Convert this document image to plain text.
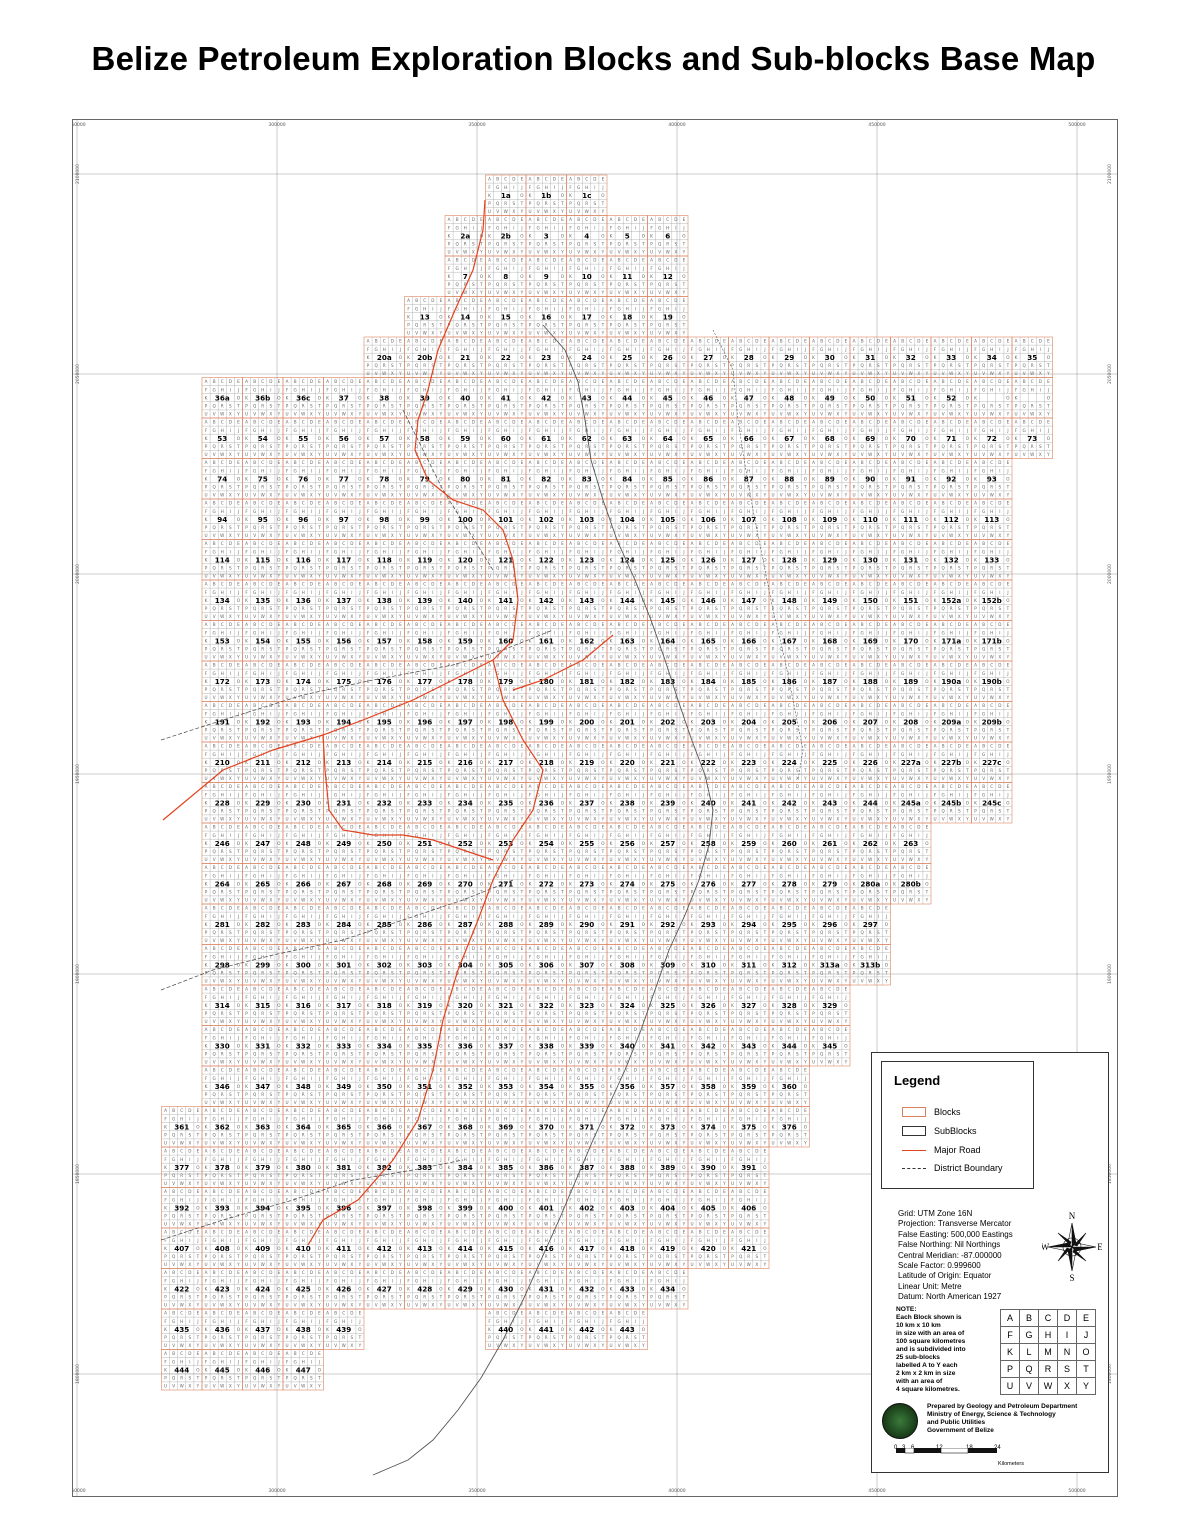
Belize Petroleum Exploration Blocks and Sub-blocks Base Map
0000
0000
300000
300000
350000
350000
400000
400000
450000
450000
500000
500000
2100000	2100000
2050000	2050000
2000000	2000000
1950000	1950000
1900000	1900000
1850000	1850000
1800000	1800000
A B C D E
F G H I J
K	O
P Q R S T
U V W X Y
1a
A B C D E
F G H I J
K	O
P Q R S T
U V W X Y
1b
A B C D E
F G H I J
K	O
P Q R S T
U V W X Y
1c
A B C D E
F G H I J
K	O
P Q R S T
U V W X Y
2a
A B C D E
F G H I J
K	O
P Q R S T
U V W X Y
2b
A B C D E
F G H I J
K	O
P Q R S T
U V W X Y
3
A B C D E
F G H I J
K	O
P Q R S T
U V W X Y
4
A B C D E
F G H I J
K	O
P Q R S T
U V W X Y
5
A B C D E
F G H I J
K	O
P Q R S T
U V W X Y
6
A B C D E
F G H I J
K	O
P Q R S T
U V W X Y
7
A B C D E
F G H I J
K	O
P Q R S T
U V W X Y
8
A B C D E
F G H I J
K	O
P Q R S T
U V W X Y
9
A B C D E
F G H I J
K	O
P Q R S T
U V W X Y
10
A B C D E
F G H I J
K	O
P Q R S T
U V W X Y
11
A B C D E
F G H I J
K	O
P Q R S T
U V W X Y
12
A B C D E
F G H I J
K	O
P Q R S T
U V W X Y
13
A B C D E
F G H I J
K	O
P Q R S T
U V W X Y
14
A B C D E
F G H I J
K	O
P Q R S T
U V W X Y
15
A B C D E
F G H I J
K	O
P Q R S T
U V W X Y
16
A B C D E
F G H I J
K	O
P Q R S T
U V W X Y
17
A B C D E
F G H I J
K	O
P Q R S T
U V W X Y
18
A B C D E
F G H I J
K	O
P Q R S T
U V W X Y
19
A B C D E
F G H I J
K	O
P Q R S T
U V W X Y
20a
A B C D E
F G H I J
K	O
P Q R S T
U V W X Y
20b
A B C D E
F G H I J
K	O
P Q R S T
U V W X Y
21
A B C D E
F G H I J
K	O
P Q R S T
U V W X Y
22
A B C D E
F G H I J
K	O
P Q R S T
U V W X Y
23
A B C D E
F G H I J
K	O
P Q R S T
U V W X Y
24
A B C D E
F G H I J
K	O
P Q R S T
U V W X Y
25
A B C D E
F G H I J
K	O
P Q R S T
U V W X Y
26
A B C D E
F G H I J
K	O
P Q R S T
U V W X Y
27
A B C D E
F G H I J
K	O
P Q R S T
U V W X Y
28
A B C D E
F G H I J
K	O
P Q R S T
U V W X Y
29
A B C D E
F G H I J
K	O
P Q R S T
U V W X Y
30
A B C D E
F G H I J
K	O
P Q R S T
U V W X Y
31
A B C D E
F G H I J
K	O
P Q R S T
U V W X Y
32
A B C D E
F G H I J
K	O
P Q R S T
U V W X Y
33
A B C D E
F G H I J
K	O
P Q R S T
U V W X Y
34
A B C D E
F G H I J
K	O
P Q R S T
U V W X Y
35
A B C D E
F G H I J
K	O
P Q R S T
U V W X Y
36a
A B C D E
F G H I J
K	O
P Q R S T
U V W X Y
36b
A B C D E
F G H I J
K	O
P Q R S T
U V W X Y
36c
A B C D E
F G H I J
K	O
P Q R S T
U V W X Y
37
A B C D E
F G H I J
K	O
P Q R S T
U V W X Y
38
A B C D E
F G H I J
K	O
P Q R S T
U V W X Y
39
A B C D E
F G H I J
K	O
P Q R S T
U V W X Y
40
A B C D E
F G H I J
K	O
P Q R S T
U V W X Y
41
A B C D E
F G H I J
K	O
P Q R S T
U V W X Y
42
A B C D E
F G H I J
K	O
P Q R S T
U V W X Y
43
A B C D E
F G H I J
K	O
P Q R S T
U V W X Y
44
A B C D E
F G H I J
K	O
P Q R S T
U V W X Y
45
A B C D E
F G H I J
K	O
P Q R S T
U V W X Y
46
A B C D E
F G H I J
K	O
P Q R S T
U V W X Y
47
A B C D E
F G H I J
K	O
P Q R S T
U V W X Y
48
A B C D E
F G H I J
K	O
P Q R S T
U V W X Y
49
A B C D E
F G H I J
K	O
P Q R S T
U V W X Y
50
A B C D E
F G H I J
K	O
P Q R S T
U V W X Y
51
A B C D E
F G H I J
K	O
P Q R S T
U V W X Y
52
A B C D E
F G H I J
K	O
P Q R S T
U V W X Y
A B C D E
F G H I J
K	O
P Q R S T
U V W X Y
A B C D E
F G H I J
K	O
P Q R S T
U V W X Y
53
A B C D E
F G H I J
K	O
P Q R S T
U V W X Y
54
A B C D E
F G H I J
K	O
P Q R S T
U V W X Y
55
A B C D E
F G H I J
K	O
P Q R S T
U V W X Y
56
A B C D E
F G H I J
K	O
P Q R S T
U V W X Y
57
A B C D E
F G H I J
K	O
P Q R S T
U V W X Y
58
A B C D E
F G H I J
K	O
P Q R S T
U V W X Y
59
A B C D E
F G H I J
K	O
P Q R S T
U V W X Y
60
A B C D E
F G H I J
K	O
P Q R S T
U V W X Y
61
A B C D E
F G H I J
K	O
P Q R S T
U V W X Y
62
A B C D E
F G H I J
K	O
P Q R S T
U V W X Y
63
A B C D E
F G H I J
K	O
P Q R S T
U V W X Y
64
A B C D E
F G H I J
K	O
P Q R S T
U V W X Y
65
A B C D E
F G H I J
K	O
P Q R S T
U V W X Y
66
A B C D E
F G H I J
K	O
P Q R S T
U V W X Y
67
A B C D E
F G H I J
K	O
P Q R S T
U V W X Y
68
A B C D E
F G H I J
K	O
P Q R S T
U V W X Y
69
A B C D E
F G H I J
K	O
P Q R S T
U V W X Y
70
A B C D E
F G H I J
K	O
P Q R S T
U V W X Y
71
A B C D E
F G H I J
K	O
P Q R S T
U V W X Y
72
A B C D E
F G H I J
K	O
P Q R S T
U V W X Y
73
A B C D E
F G H I J
K	O
P Q R S T
U V W X Y
74
A B C D E
F G H I J
K	O
P Q R S T
U V W X Y
75
A B C D E
F G H I J
K	O
P Q R S T
U V W X Y
76
A B C D E
F G H I J
K	O
P Q R S T
U V W X Y
77
A B C D E
F G H I J
K	O
P Q R S T
U V W X Y
78
A B C D E
F G H I J
K	O
P Q R S T
U V W X Y
79
A B C D E
F G H I J
K	O
P Q R S T
U V W X Y
80
A B C D E
F G H I J
K	O
P Q R S T
U V W X Y
81
A B C D E
F G H I J
K	O
P Q R S T
U V W X Y
82
A B C D E
F G H I J
K	O
P Q R S T
U V W X Y
83
A B C D E
F G H I J
K	O
P Q R S T
U V W X Y
84
A B C D E
F G H I J
K	O
P Q R S T
U V W X Y
85
A B C D E
F G H I J
K	O
P Q R S T
U V W X Y
86
A B C D E
F G H I J
K	O
P Q R S T
U V W X Y
87
A B C D E
F G H I J
K	O
P Q R S T
U V W X Y
88
A B C D E
F G H I J
K	O
P Q R S T
U V W X Y
89
A B C D E
F G H I J
K	O
P Q R S T
U V W X Y
90
A B C D E
F G H I J
K	O
P Q R S T
U V W X Y
91
A B C D E
F G H I J
K	O
P Q R S T
U V W X Y
92
A B C D E
F G H I J
K	O
P Q R S T
U V W X Y
93
A B C D E
F G H I J
K	O
P Q R S T
U V W X Y
94
A B C D E
F G H I J
K	O
P Q R S T
U V W X Y
95
A B C D E
F G H I J
K	O
P Q R S T
U V W X Y
96
A B C D E
F G H I J
K	O
P Q R S T
U V W X Y
97
A B C D E
F G H I J
K	O
P Q R S T
U V W X Y
98
A B C D E
F G H I J
K	O
P Q R S T
U V W X Y
99
A B C D E
F G H I J
K	O
P Q R S T
U V W X Y
100
A B C D E
F G H I J
K	O
P Q R S T
U V W X Y
101
A B C D E
F G H I J
K	O
P Q R S T
U V W X Y
102
A B C D E
F G H I J
K	O
P Q R S T
U V W X Y
103
A B C D E
F G H I J
K	O
P Q R S T
U V W X Y
104
A B C D E
F G H I J
K	O
P Q R S T
U V W X Y
105
A B C D E
F G H I J
K	O
P Q R S T
U V W X Y
106
A B C D E
F G H I J
K	O
P Q R S T
U V W X Y
107
A B C D E
F G H I J
K	O
P Q R S T
U V W X Y
108
A B C D E
F G H I J
K	O
P Q R S T
U V W X Y
109
A B C D E
F G H I J
K	O
P Q R S T
U V W X Y
110
A B C D E
F G H I J
K	O
P Q R S T
U V W X Y
111
A B C D E
F G H I J
K	O
P Q R S T
U V W X Y
112
A B C D E
F G H I J
K	O
P Q R S T
U V W X Y
113
A B C D E
F G H I J
K	O
P Q R S T
U V W X Y
114
A B C D E
F G H I J
K	O
P Q R S T
U V W X Y
115
A B C D E
F G H I J
K	O
P Q R S T
U V W X Y
116
A B C D E
F G H I J
K	O
P Q R S T
U V W X Y
117
A B C D E
F G H I J
K	O
P Q R S T
U V W X Y
118
A B C D E
F G H I J
K	O
P Q R S T
U V W X Y
119
A B C D E
F G H I J
K	O
P Q R S T
U V W X Y
120
A B C D E
F G H I J
K	O
P Q R S T
U V W X Y
121
A B C D E
F G H I J
K	O
P Q R S T
U V W X Y
122
A B C D E
F G H I J
K	O
P Q R S T
U V W X Y
123
A B C D E
F G H I J
K	O
P Q R S T
U V W X Y
124
A B C D E
F G H I J
K	O
P Q R S T
U V W X Y
125
A B C D E
F G H I J
K	O
P Q R S T
U V W X Y
126
A B C D E
F G H I J
K	O
P Q R S T
U V W X Y
127
A B C D E
F G H I J
K	O
P Q R S T
U V W X Y
128
A B C D E
F G H I J
K	O
P Q R S T
U V W X Y
129
A B C D E
F G H I J
K	O
P Q R S T
U V W X Y
130
A B C D E
F G H I J
K	O
P Q R S T
U V W X Y
131
A B C D E
F G H I J
K	O
P Q R S T
U V W X Y
132
A B C D E
F G H I J
K	O
P Q R S T
U V W X Y
133
A B C D E
F G H I J
K	O
P Q R S T
U V W X Y
134
A B C D E
F G H I J
K	O
P Q R S T
U V W X Y
135
A B C D E
F G H I J
K	O
P Q R S T
U V W X Y
136
A B C D E
F G H I J
K	O
P Q R S T
U V W X Y
137
A B C D E
F G H I J
K	O
P Q R S T
U V W X Y
138
A B C D E
F G H I J
K	O
P Q R S T
U V W X Y
139
A B C D E
F G H I J
K	O
P Q R S T
U V W X Y
140
A B C D E
F G H I J
K	O
P Q R S T
U V W X Y
141
A B C D E
F G H I J
K	O
P Q R S T
U V W X Y
142
A B C D E
F G H I J
K	O
P Q R S T
U V W X Y
143
A B C D E
F G H I J
K	O
P Q R S T
U V W X Y
144
A B C D E
F G H I J
K	O
P Q R S T
U V W X Y
145
A B C D E
F G H I J
K	O
P Q R S T
U V W X Y
146
A B C D E
F G H I J
K	O
P Q R S T
U V W X Y
147
A B C D E
F G H I J
K	O
P Q R S T
U V W X Y
148
A B C D E
F G H I J
K	O
P Q R S T
U V W X Y
149
A B C D E
F G H I J
K	O
P Q R S T
U V W X Y
150
A B C D E
F G H I J
K	O
P Q R S T
U V W X Y
151
A B C D E
F G H I J
K	O
P Q R S T
U V W X Y
152a
A B C D E
F G H I J
K	O
P Q R S T
U V W X Y
152b
A B C D E
F G H I J
K	O
P Q R S T
U V W X Y
153
A B C D E
F G H I J
K	O
P Q R S T
U V W X Y
154
A B C D E
F G H I J
K	O
P Q R S T
U V W X Y
155
A B C D E
F G H I J
K	O
P Q R S T
U V W X Y
156
A B C D E
F G H I J
K	O
P Q R S T
U V W X Y
157
A B C D E
F G H I J
K	O
P Q R S T
U V W X Y
158
A B C D E
F G H I J
K	O
P Q R S T
U V W X Y
159
A B C D E
F G H I J
K	O
P Q R S T
U V W X Y
160
A B C D E
F G H I J
K	O
P Q R S T
U V W X Y
161
A B C D E
F G H I J
K	O
P Q R S T
U V W X Y
162
A B C D E
F G H I J
K	O
P Q R S T
U V W X Y
163
A B C D E
F G H I J
K	O
P Q R S T
U V W X Y
164
A B C D E
F G H I J
K	O
P Q R S T
U V W X Y
165
A B C D E
F G H I J
K	O
P Q R S T
U V W X Y
166
A B C D E
F G H I J
K	O
P Q R S T
U V W X Y
167
A B C D E
F G H I J
K	O
P Q R S T
U V W X Y
168
A B C D E
F G H I J
K	O
P Q R S T
U V W X Y
169
A B C D E
F G H I J
K	O
P Q R S T
U V W X Y
170
A B C D E
F G H I J
K	O
P Q R S T
U V W X Y
171a
A B C D E
F G H I J
K	O
P Q R S T
U V W X Y
171b
A B C D E
F G H I J
K	O
P Q R S T
U V W X Y
172
A B C D E
F G H I J
K	O
P Q R S T
U V W X Y
173
A B C D E
F G H I J
K	O
P Q R S T
U V W X Y
174
A B C D E
F G H I J
K	O
P Q R S T
U V W X Y
175
A B C D E
F G H I J
K	O
P Q R S T
U V W X Y
176
A B C D E
F G H I J
K	O
P Q R S T
U V W X Y
177
A B C D E
F G H I J
K	O
P Q R S T
U V W X Y
178
A B C D E
F G H I J
K	O
P Q R S T
U V W X Y
179
A B C D E
F G H I J
K	O
P Q R S T
U V W X Y
180
A B C D E
F G H I J
K	O
P Q R S T
U V W X Y
181
A B C D E
F G H I J
K	O
P Q R S T
U V W X Y
182
A B C D E
F G H I J
K	O
P Q R S T
U V W X Y
183
A B C D E
F G H I J
K	O
P Q R S T
U V W X Y
184
A B C D E
F G H I J
K	O
P Q R S T
U V W X Y
185
A B C D E
F G H I J
K	O
P Q R S T
U V W X Y
186
A B C D E
F G H I J
K	O
P Q R S T
U V W X Y
187
A B C D E
F G H I J
K	O
P Q R S T
U V W X Y
188
A B C D E
F G H I J
K	O
P Q R S T
U V W X Y
189
A B C D E
F G H I J
K	O
P Q R S T
U V W X Y
190a
A B C D E
F G H I J
K	O
P Q R S T
U V W X Y
190b
A B C D E
F G H I J
K	O
P Q R S T
U V W X Y
191
A B C D E
F G H I J
K	O
P Q R S T
U V W X Y
192
A B C D E
F G H I J
K	O
P Q R S T
U V W X Y
193
A B C D E
F G H I J
K	O
P Q R S T
U V W X Y
194
A B C D E
F G H I J
K	O
P Q R S T
U V W X Y
195
A B C D E
F G H I J
K	O
P Q R S T
U V W X Y
196
A B C D E
F G H I J
K	O
P Q R S T
U V W X Y
197
A B C D E
F G H I J
K	O
P Q R S T
U V W X Y
198
A B C D E
F G H I J
K	O
P Q R S T
U V W X Y
199
A B C D E
F G H I J
K	O
P Q R S T
U V W X Y
200
A B C D E
F G H I J
K	O
P Q R S T
U V W X Y
201
A B C D E
F G H I J
K	O
P Q R S T
U V W X Y
202
A B C D E
F G H I J
K	O
P Q R S T
U V W X Y
203
A B C D E
F G H I J
K	O
P Q R S T
U V W X Y
204
A B C D E
F G H I J
K	O
P Q R S T
U V W X Y
205
A B C D E
F G H I J
K	O
P Q R S T
U V W X Y
206
A B C D E
F G H I J
K	O
P Q R S T
U V W X Y
207
A B C D E
F G H I J
K	O
P Q R S T
U V W X Y
208
A B C D E
F G H I J
K	O
P Q R S T
U V W X Y
209a
A B C D E
F G H I J
K	O
P Q R S T
U V W X Y
209b
A B C D E
F G H I J
K	O
P Q R S T
U V W X Y
210
A B C D E
F G H I J
K	O
P Q R S T
U V W X Y
211
A B C D E
F G H I J
K	O
P Q R S T
U V W X Y
212
A B C D E
F G H I J
K	O
P Q R S T
U V W X Y
213
A B C D E
F G H I J
K	O
P Q R S T
U V W X Y
214
A B C D E
F G H I J
K	O
P Q R S T
U V W X Y
215
A B C D E
F G H I J
K	O
P Q R S T
U V W X Y
216
A B C D E
F G H I J
K	O
P Q R S T
U V W X Y
217
A B C D E
F G H I J
K	O
P Q R S T
U V W X Y
218
A B C D E
F G H I J
K	O
P Q R S T
U V W X Y
219
A B C D E
F G H I J
K	O
P Q R S T
U V W X Y
220
A B C D E
F G H I J
K	O
P Q R S T
U V W X Y
221
A B C D E
F G H I J
K	O
P Q R S T
U V W X Y
222
A B C D E
F G H I J
K	O
P Q R S T
U V W X Y
223
A B C D E
F G H I J
K	O
P Q R S T
U V W X Y
224
A B C D E
F G H I J
K	O
P Q R S T
U V W X Y
225
A B C D E
F G H I J
K	O
P Q R S T
U V W X Y
226
A B C D E
F G H I J
K	O
P Q R S T
U V W X Y
227a
A B C D E
F G H I J
K	O
P Q R S T
U V W X Y
227b
A B C D E
F G H I J
K	O
P Q R S T
U V W X Y
227c
A B C D E
F G H I J
K	O
P Q R S T
U V W X Y
228
A B C D E
F G H I J
K	O
P Q R S T
U V W X Y
229
A B C D E
F G H I J
K	O
P Q R S T
U V W X Y
230
A B C D E
F G H I J
K	O
P Q R S T
U V W X Y
231
A B C D E
F G H I J
K	O
P Q R S T
U V W X Y
232
A B C D E
F G H I J
K	O
P Q R S T
U V W X Y
233
A B C D E
F G H I J
K	O
P Q R S T
U V W X Y
234
A B C D E
F G H I J
K	O
P Q R S T
U V W X Y
235
A B C D E
F G H I J
K	O
P Q R S T
U V W X Y
236
A B C D E
F G H I J
K	O
P Q R S T
U V W X Y
237
A B C D E
F G H I J
K	O
P Q R S T
U V W X Y
238
A B C D E
F G H I J
K	O
P Q R S T
U V W X Y
239
A B C D E
F G H I J
K	O
P Q R S T
U V W X Y
240
A B C D E
F G H I J
K	O
P Q R S T
U V W X Y
241
A B C D E
F G H I J
K	O
P Q R S T
U V W X Y
242
A B C D E
F G H I J
K	O
P Q R S T
U V W X Y
243
A B C D E
F G H I J
K	O
P Q R S T
U V W X Y
244
A B C D E
F G H I J
K	O
P Q R S T
U V W X Y
245a
A B C D E
F G H I J
K	O
P Q R S T
U V W X Y
245b
A B C D E
F G H I J
K	O
P Q R S T
U V W X Y
245c
A B C D E
F G H I J
K	O
P Q R S T
U V W X Y
246
A B C D E
F G H I J
K	O
P Q R S T
U V W X Y
247
A B C D E
F G H I J
K	O
P Q R S T
U V W X Y
248
A B C D E
F G H I J
K	O
P Q R S T
U V W X Y
249
A B C D E
F G H I J
K	O
P Q R S T
U V W X Y
250
A B C D E
F G H I J
K	O
P Q R S T
U V W X Y
251
A B C D E
F G H I J
K	O
P Q R S T
U V W X Y
252
A B C D E
F G H I J
K	O
P Q R S T
U V W X Y
253
A B C D E
F G H I J
K	O
P Q R S T
U V W X Y
254
A B C D E
F G H I J
K	O
P Q R S T
U V W X Y
255
A B C D E
F G H I J
K	O
P Q R S T
U V W X Y
256
A B C D E
F G H I J
K	O
P Q R S T
U V W X Y
257
A B C D E
F G H I J
K	O
P Q R S T
U V W X Y
258
A B C D E
F G H I J
K	O
P Q R S T
U V W X Y
259
A B C D E
F G H I J
K	O
P Q R S T
U V W X Y
260
A B C D E
F G H I J
K	O
P Q R S T
U V W X Y
261
A B C D E
F G H I J
K	O
P Q R S T
U V W X Y
262
A B C D E
F G H I J
K	O
P Q R S T
U V W X Y
263
A B C D E
F G H I J
K	O
P Q R S T
U V W X Y
264
A B C D E
F G H I J
K	O
P Q R S T
U V W X Y
265
A B C D E
F G H I J
K	O
P Q R S T
U V W X Y
266
A B C D E
F G H I J
K	O
P Q R S T
U V W X Y
267
A B C D E
F G H I J
K	O
P Q R S T
U V W X Y
268
A B C D E
F G H I J
K	O
P Q R S T
U V W X Y
269
A B C D E
F G H I J
K	O
P Q R S T
U V W X Y
270
A B C D E
F G H I J
K	O
P Q R S T
U V W X Y
271
A B C D E
F G H I J
K	O
P Q R S T
U V W X Y
272
A B C D E
F G H I J
K	O
P Q R S T
U V W X Y
273
A B C D E
F G H I J
K	O
P Q R S T
U V W X Y
274
A B C D E
F G H I J
K	O
P Q R S T
U V W X Y
275
A B C D E
F G H I J
K	O
P Q R S T
U V W X Y
276
A B C D E
F G H I J
K	O
P Q R S T
U V W X Y
277
A B C D E
F G H I J
K	O
P Q R S T
U V W X Y
278
A B C D E
F G H I J
K	O
P Q R S T
U V W X Y
279
A B C D E
F G H I J
K	O
P Q R S T
U V W X Y
280a
A B C D E
F G H I J
K	O
P Q R S T
U V W X Y
280b
A B C D E
F G H I J
K	O
P Q R S T
U V W X Y
281
A B C D E
F G H I J
K	O
P Q R S T
U V W X Y
282
A B C D E
F G H I J
K	O
P Q R S T
U V W X Y
283
A B C D E
F G H I J
K	O
P Q R S T
U V W X Y
284
A B C D E
F G H I J
K	O
P Q R S T
U V W X Y
285
A B C D E
F G H I J
K	O
P Q R S T
U V W X Y
286
A B C D E
F G H I J
K	O
P Q R S T
U V W X Y
287
A B C D E
F G H I J
K	O
P Q R S T
U V W X Y
288
A B C D E
F G H I J
K	O
P Q R S T
U V W X Y
289
A B C D E
F G H I J
K	O
P Q R S T
U V W X Y
290
A B C D E
F G H I J
K	O
P Q R S T
U V W X Y
291
A B C D E
F G H I J
K	O
P Q R S T
U V W X Y
292
A B C D E
F G H I J
K	O
P Q R S T
U V W X Y
293
A B C D E
F G H I J
K	O
P Q R S T
U V W X Y
294
A B C D E
F G H I J
K	O
P Q R S T
U V W X Y
295
A B C D E
F G H I J
K	O
P Q R S T
U V W X Y
296
A B C D E
F G H I J
K	O
P Q R S T
U V W X Y
297
A B C D E
F G H I J
K	O
P Q R S T
U V W X Y
298
A B C D E
F G H I J
K	O
P Q R S T
U V W X Y
299
A B C D E
F G H I J
K	O
P Q R S T
U V W X Y
300
A B C D E
F G H I J
K	O
P Q R S T
U V W X Y
301
A B C D E
F G H I J
K	O
P Q R S T
U V W X Y
302
A B C D E
F G H I J
K	O
P Q R S T
U V W X Y
303
A B C D E
F G H I J
K	O
P Q R S T
U V W X Y
304
A B C D E
F G H I J
K	O
P Q R S T
U V W X Y
305
A B C D E
F G H I J
K	O
P Q R S T
U V W X Y
306
A B C D E
F G H I J
K	O
P Q R S T
U V W X Y
307
A B C D E
F G H I J
K	O
P Q R S T
U V W X Y
308
A B C D E
F G H I J
K	O
P Q R S T
U V W X Y
309
A B C D E
F G H I J
K	O
P Q R S T
U V W X Y
310
A B C D E
F G H I J
K	O
P Q R S T
U V W X Y
311
A B C D E
F G H I J
K	O
P Q R S T
U V W X Y
312
A B C D E
F G H I J
K	O
P Q R S T
U V W X Y
313a
A B C D E
F G H I J
K	O
P Q R S T
U V W X Y
313b
A B C D E
F G H I J
K	O
P Q R S T
U V W X Y
314
A B C D E
F G H I J
K	O
P Q R S T
U V W X Y
315
A B C D E
F G H I J
K	O
P Q R S T
U V W X Y
316
A B C D E
F G H I J
K	O
P Q R S T
U V W X Y
317
A B C D E
F G H I J
K	O
P Q R S T
U V W X Y
318
A B C D E
F G H I J
K	O
P Q R S T
U V W X Y
319
A B C D E
F G H I J
K	O
P Q R S T
U V W X Y
320
A B C D E
F G H I J
K	O
P Q R S T
U V W X Y
321
A B C D E
F G H I J
K	O
P Q R S T
U V W X Y
322
A B C D E
F G H I J
K	O
P Q R S T
U V W X Y
323
A B C D E
F G H I J
K	O
P Q R S T
U V W X Y
324
A B C D E
F G H I J
K	O
P Q R S T
U V W X Y
325
A B C D E
F G H I J
K	O
P Q R S T
U V W X Y
326
A B C D E
F G H I J
K	O
P Q R S T
U V W X Y
327
A B C D E
F G H I J
K	O
P Q R S T
U V W X Y
328
A B C D E
F G H I J
K	O
P Q R S T
U V W X Y
329
A B C D E
F G H I J
K	O
P Q R S T
U V W X Y
330
A B C D E
F G H I J
K	O
P Q R S T
U V W X Y
331
A B C D E
F G H I J
K	O
P Q R S T
U V W X Y
332
A B C D E
F G H I J
K	O
P Q R S T
U V W X Y
333
A B C D E
F G H I J
K	O
P Q R S T
U V W X Y
334
A B C D E
F G H I J
K	O
P Q R S T
U V W X Y
335
A B C D E
F G H I J
K	O
P Q R S T
U V W X Y
336
A B C D E
F G H I J
K	O
P Q R S T
U V W X Y
337
A B C D E
F G H I J
K	O
P Q R S T
U V W X Y
338
A B C D E
F G H I J
K	O
P Q R S T
U V W X Y
339
A B C D E
F G H I J
K	O
P Q R S T
U V W X Y
340
A B C D E
F G H I J
K	O
P Q R S T
U V W X Y
341
A B C D E
F G H I J
K	O
P Q R S T
U V W X Y
342
A B C D E
F G H I J
K	O
P Q R S T
U V W X Y
343
A B C D E
F G H I J
K	O
P Q R S T
U V W X Y
344
A B C D E
F G H I J
K	O
P Q R S T
U V W X Y
345
A B C D E
F G H I J
K	O
P Q R S T
U V W X Y
346
A B C D E
F G H I J
K	O
P Q R S T
U V W X Y
347
A B C D E
F G H I J
K	O
P Q R S T
U V W X Y
348
A B C D E
F G H I J
K	O
P Q R S T
U V W X Y
349
A B C D E
F G H I J
K	O
P Q R S T
U V W X Y
350
A B C D E
F G H I J
K	O
P Q R S T
U V W X Y
351
A B C D E
F G H I J
K	O
P Q R S T
U V W X Y
352
A B C D E
F G H I J
K	O
P Q R S T
U V W X Y
353
A B C D E
F G H I J
K	O
P Q R S T
U V W X Y
354
A B C D E
F G H I J
K	O
P Q R S T
U V W X Y
355
A B C D E
F G H I J
K	O
P Q R S T
U V W X Y
356
A B C D E
F G H I J
K	O
P Q R S T
U V W X Y
357
A B C D E
F G H I J
K	O
P Q R S T
U V W X Y
358
A B C D E
F G H I J
K	O
P Q R S T
U V W X Y
359
A B C D E
F G H I J
K	O
P Q R S T
U V W X Y
360
A B C D E
F G H I J
K	O
P Q R S T
U V W X Y
361
A B C D E
F G H I J
K	O
P Q R S T
U V W X Y
362
A B C D E
F G H I J
K	O
P Q R S T
U V W X Y
363
A B C D E
F G H I J
K	O
P Q R S T
U V W X Y
364
A B C D E
F G H I J
K	O
P Q R S T
U V W X Y
365
A B C D E
F G H I J
K	O
P Q R S T
U V W X Y
366
A B C D E
F G H I J
K	O
P Q R S T
U V W X Y
367
A B C D E
F G H I J
K	O
P Q R S T
U V W X Y
368
A B C D E
F G H I J
K	O
P Q R S T
U V W X Y
369
A B C D E
F G H I J
K	O
P Q R S T
U V W X Y
370
A B C D E
F G H I J
K	O
P Q R S T
U V W X Y
371
A B C D E
F G H I J
K	O
P Q R S T
U V W X Y
372
A B C D E
F G H I J
K	O
P Q R S T
U V W X Y
373
A B C D E
F G H I J
K	O
P Q R S T
U V W X Y
374
A B C D E
F G H I J
K	O
P Q R S T
U V W X Y
375
A B C D E
F G H I J
K	O
P Q R S T
U V W X Y
376
A B C D E
F G H I J
K	O
P Q R S T
U V W X Y
377
A B C D E
F G H I J
K	O
P Q R S T
U V W X Y
378
A B C D E
F G H I J
K	O
P Q R S T
U V W X Y
379
A B C D E
F G H I J
K	O
P Q R S T
U V W X Y
380
A B C D E
F G H I J
K	O
P Q R S T
U V W X Y
381
A B C D E
F G H I J
K	O
P Q R S T
U V W X Y
382
A B C D E
F G H I J
K	O
P Q R S T
U V W X Y
383
A B C D E
F G H I J
K	O
P Q R S T
U V W X Y
384
A B C D E
F G H I J
K	O
P Q R S T
U V W X Y
385
A B C D E
F G H I J
K	O
P Q R S T
U V W X Y
386
A B C D E
F G H I J
K	O
P Q R S T
U V W X Y
387
A B C D E
F G H I J
K	O
P Q R S T
U V W X Y
388
A B C D E
F G H I J
K	O
P Q R S T
U V W X Y
389
A B C D E
F G H I J
K	O
P Q R S T
U V W X Y
390
A B C D E
F G H I J
K	O
P Q R S T
U V W X Y
391
A B C D E
F G H I J
K	O
P Q R S T
U V W X Y
392
A B C D E
F G H I J
K	O
P Q R S T
U V W X Y
393
A B C D E
F G H I J
K	O
P Q R S T
U V W X Y
394
A B C D E
F G H I J
K	O
P Q R S T
U V W X Y
395
A B C D E
F G H I J
K	O
P Q R S T
U V W X Y
396
A B C D E
F G H I J
K	O
P Q R S T
U V W X Y
397
A B C D E
F G H I J
K	O
P Q R S T
U V W X Y
398
A B C D E
F G H I J
K	O
P Q R S T
U V W X Y
399
A B C D E
F G H I J
K	O
P Q R S T
U V W X Y
400
A B C D E
F G H I J
K	O
P Q R S T
U V W X Y
401
A B C D E
F G H I J
K	O
P Q R S T
U V W X Y
402
A B C D E
F G H I J
K	O
P Q R S T
U V W X Y
403
A B C D E
F G H I J
K	O
P Q R S T
U V W X Y
404
A B C D E
F G H I J
K	O
P Q R S T
U V W X Y
405
A B C D E
F G H I J
K	O
P Q R S T
U V W X Y
406
A B C D E
F G H I J
K	O
P Q R S T
U V W X Y
407
A B C D E
F G H I J
K	O
P Q R S T
U V W X Y
408
A B C D E
F G H I J
K	O
P Q R S T
U V W X Y
409
A B C D E
F G H I J
K	O
P Q R S T
U V W X Y
410
A B C D E
F G H I J
K	O
P Q R S T
U V W X Y
411
A B C D E
F G H I J
K	O
P Q R S T
U V W X Y
412
A B C D E
F G H I J
K	O
P Q R S T
U V W X Y
413
A B C D E
F G H I J
K	O
P Q R S T
U V W X Y
414
A B C D E
F G H I J
K	O
P Q R S T
U V W X Y
415
A B C D E
F G H I J
K	O
P Q R S T
U V W X Y
416
A B C D E
F G H I J
K	O
P Q R S T
U V W X Y
417
A B C D E
F G H I J
K	O
P Q R S T
U V W X Y
418
A B C D E
F G H I J
K	O
P Q R S T
U V W X Y
419
A B C D E
F G H I J
K	O
P Q R S T
U V W X Y
420
A B C D E
F G H I J
K	O
P Q R S T
U V W X Y
421
A B C D E
F G H I J
K	O
P Q R S T
U V W X Y
422
A B C D E
F G H I J
K	O
P Q R S T
U V W X Y
423
A B C D E
F G H I J
K	O
P Q R S T
U V W X Y
424
A B C D E
F G H I J
K	O
P Q R S T
U V W X Y
425
A B C D E
F G H I J
K	O
P Q R S T
U V W X Y
426
A B C D E
F G H I J
K	O
P Q R S T
U V W X Y
427
A B C D E
F G H I J
K	O
P Q R S T
U V W X Y
428
A B C D E
F G H I J
K	O
P Q R S T
U V W X Y
429
A B C D E
F G H I J
K	O
P Q R S T
U V W X Y
430
A B C D E
F G H I J
K	O
P Q R S T
U V W X Y
431
A B C D E
F G H I J
K	O
P Q R S T
U V W X Y
432
A B C D E
F G H I J
K	O
P Q R S T
U V W X Y
433
A B C D E
F G H I J
K	O
P Q R S T
U V W X Y
434
A B C D E
F G H I J
K	O
P Q R S T
U V W X Y
435
A B C D E
F G H I J
K	O
P Q R S T
U V W X Y
436
A B C D E
F G H I J
K	O
P Q R S T
U V W X Y
437
A B C D E
F G H I J
K	O
P Q R S T
U V W X Y
438
A B C D E
F G H I J
K	O
P Q R S T
U V W X Y
439
A B C D E
F G H I J
K	O
P Q R S T
U V W X Y
440
A B C D E
F G H I J
K	O
P Q R S T
U V W X Y
441
A B C D E
F G H I J
K	O
P Q R S T
U V W X Y
442
A B C D E
F G H I J
K	O
P Q R S T
U V W X Y
443
A B C D E
F G H I J
K	O
P Q R S T
U V W X Y
444
A B C D E
F G H I J
K	O
P Q R S T
U V W X Y
445
A B C D E
F G H I J
K	O
P Q R S T
U V W X Y
446
A B C D E
F G H I J
K	O
P Q R S T
U V W X Y
447
Legend
Blocks
SubBlocks
Major Road
District Boundary
Grid: UTM Zone 16N
Projection: Transverse Mercator
False Easting: 500,000 Eastings
False Northing: Nil Northings
Central Meridian: -87.000000
Scale Factor: 0.999600
Latitude of Origin: Equator
Linear Unit: Metre
Datum: North American 1927
N
S
E
W
NOTE:
Each Block shown is
10 km x 10 km
in size with an area of
100 square kilometres
and is subdivided into
25 sub-blocks
labelled A to Y each
2 km x 2 km in size
with an area of
4 square kilometres.
A	B	C	D	E
F	G	H	I	J
K	L	M	N	O
P	Q	R	S	T
U	V	W	X	Y
Prepared by Geology and Petroleum Department
Ministry of Energy, Science & Technology
and Public Utilities
Government of Belize
0	24
Kilometers
